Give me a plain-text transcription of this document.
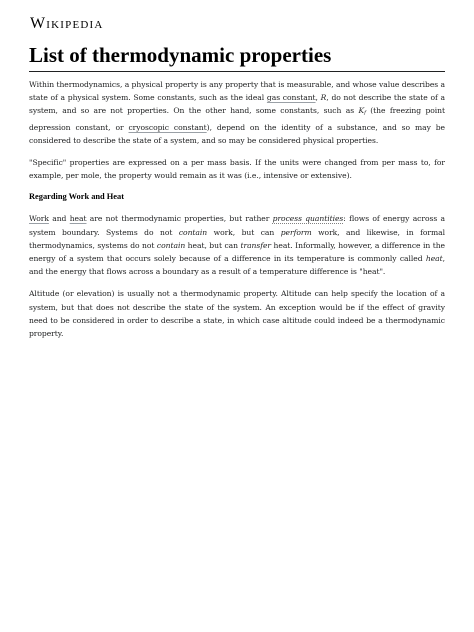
Wikipedia
List of thermodynamic properties

Within thermodynamics, a physical property is any property that is measurable, and whose value describes a state of a physical system. Some constants, such as the ideal gas constant, R, do not describe the state of a system, and so are not properties. On the other hand, some constants, such as $K_f$ (the freezing point depression constant, or cryoscopic constant), depend on the identity of a substance, and so may be considered to describe the state of a system, and so may be considered physical properties.

"Specific" properties are expressed on a per mass basis. If the units were changed from per mass to, for example, per mole, the property would remain as it was (i.e., intensive or extensive).

Regarding Work and Heat

Work and heat are not thermodynamic properties, but rather process quantities: flows of energy across a system boundary. Systems do not contain work, but can perform work, and likewise, in formal thermodynamics, systems do not contain heat, but can transfer heat. Informally, however, a difference in the energy of a system that occurs solely because of a difference in its temperature is commonly called heat, and the energy that flows across a boundary as a result of a temperature difference is "heat".

Altitude (or elevation) is usually not a thermodynamic property. Altitude can help specify the location of a system, but that does not describe the state of the system. An exception would be if the effect of gravity need to be considered in order to describe a state, in which case altitude could indeed be a thermodynamic property.
